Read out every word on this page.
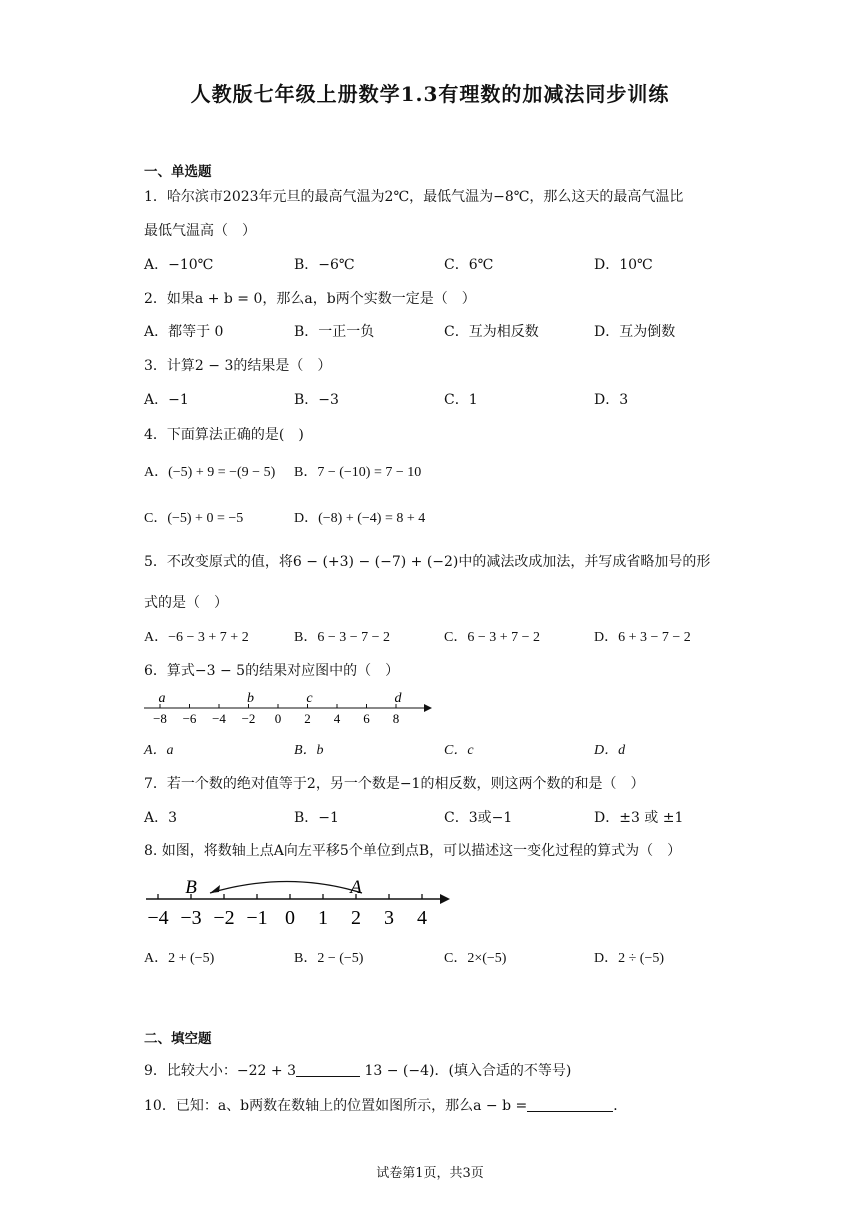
人教版七年级上册数学1.3有理数的加减法同步训练
一、单选题
1．哈尔滨市2023年元旦的最高气温为2℃，最低气温为−8℃，那么这天的最高气温比
最低气温高（　）
A．−10℃	B．−6℃	C．6℃	D．10℃
2．如果a + b = 0，那么a，b两个实数一定是（　）
A．都等于 0	B．一正一负	C．互为相反数	D．互为倒数
3．计算2 − 3的结果是（　）
A．−1	B．−3	C．1	D．3
4．下面算法正确的是(　)
A．(−5) + 9 = −(9 − 5) B．7 − (−10) = 7 − 10
C．(−5) + 0 = −5	D．(−8) + (−4) = 8 + 4
5．不改变原式的值，将6 − (+3) − (−7) + (−2)中的减法改成加法，并写成省略加号的形
式的是（　）
A．−6 − 3 + 7 + 2	B．6 − 3 − 7 − 2	C．6 − 3 + 7 − 2	D．6 + 3 − 7 − 2
6．算式−3 − 5的结果对应图中的（　）
−8 −6 −4 −2 0 2 4 6 8
a	b	c	d
A．a	B．b	C．c	D．d
7．若一个数的绝对值等于2，另一个数是−1的相反数，则这两个数的和是（　）
A．3	B．−1	C．3或−1	D．±3 或 ±1
8. 如图，将数轴上点A向左平移5个单位到点B，可以描述这一变化过程的算式为（　）
−4 −3 −2 −1 0 1 2 3 4
B	A
A．2 + (−5)	B．2 − (−5)	C．2×(−5)	D．2 ÷ (−5)
二、填空题
9．比较大小：−22 + 3	13 − (−4)．(填入合适的不等号)
10．已知：a、b两数在数轴上的位置如图所示，那么a − b =	．
试卷第1页，共3页
